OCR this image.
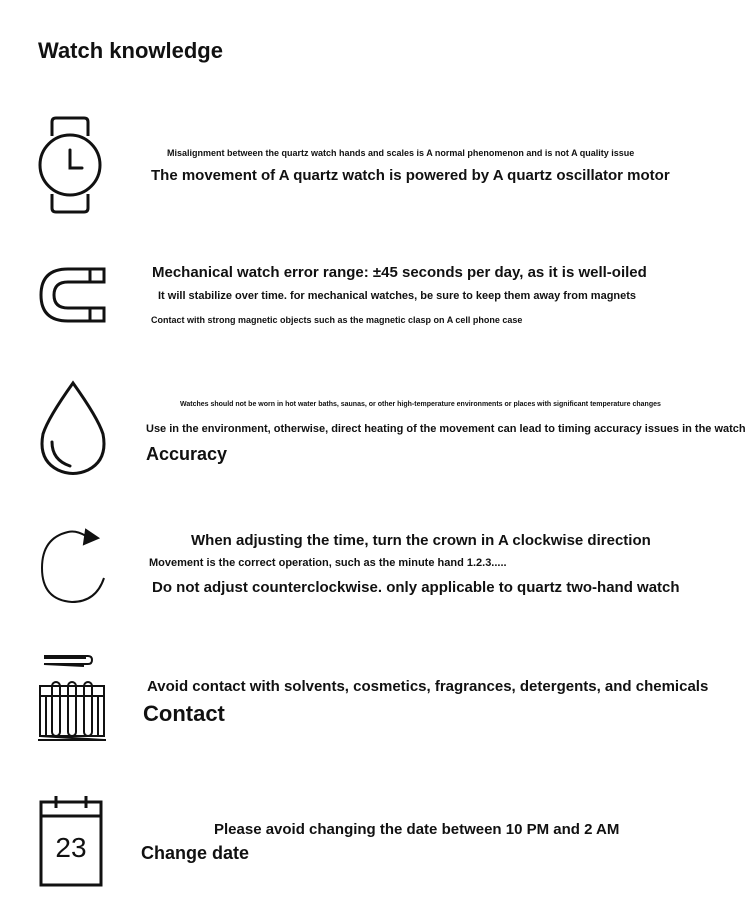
Watch knowledge
Misalignment between the quartz watch hands and scales is A normal phenomenon and is not A quality issue
The movement of A quartz watch is powered by A quartz oscillator motor
Mechanical watch error range: ±45 seconds per day, as it is well-oiled
It will stabilize over time. for mechanical watches, be sure to keep them away from magnets
Contact with strong magnetic objects such as the magnetic clasp on A cell phone case
Watches should not be worn in hot water baths, saunas, or other high-temperature environments or places with significant temperature changes
Use in the environment, otherwise, direct heating of the movement can lead to timing accuracy issues in the watch
Accuracy
When adjusting the time, turn the crown in A clockwise direction
Movement is the correct operation, such as the minute hand 1.2.3.....
Do not adjust counterclockwise. only applicable to quartz two-hand watch
Avoid contact with solvents, cosmetics, fragrances, detergents, and chemicals
Contact
23
Please avoid changing the date between 10 PM and 2 AM
Change date
